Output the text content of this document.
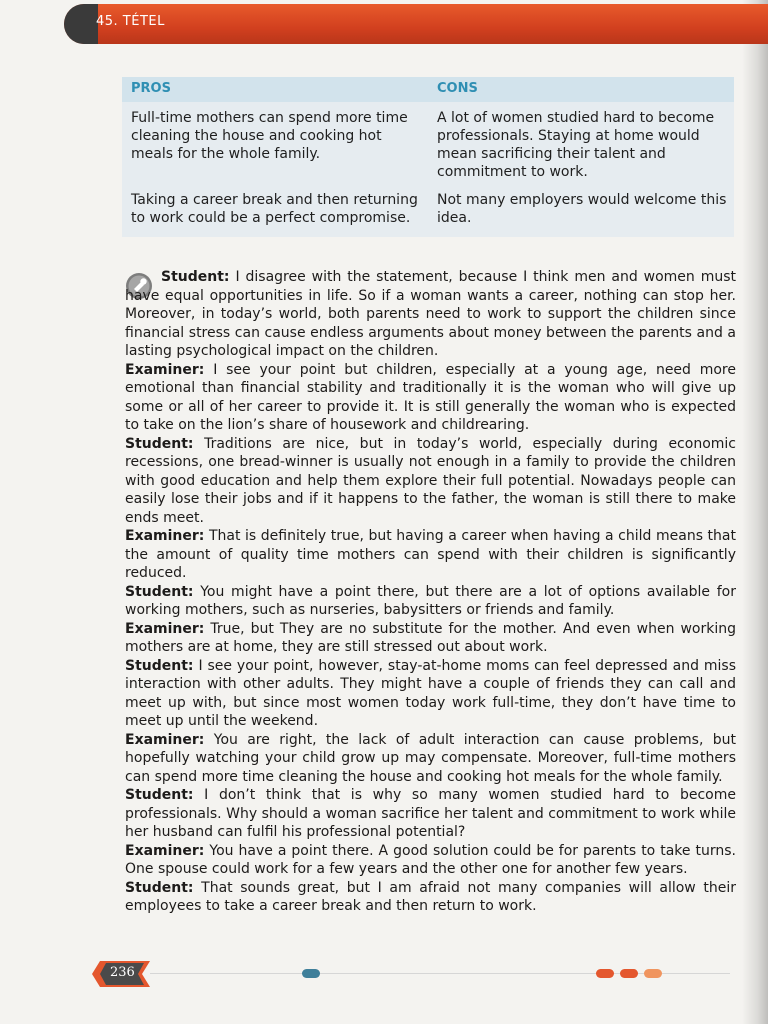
45. TÉTEL
PROS	CONS
Full-time mothers can spend more time cleaning the house and cooking hot meals for the whole family.
A lot of women studied hard to become professionals. Staying at home would mean sacrificing their talent and commitment to work.
Taking a career break and then returning to work could be a perfect compromise.
Not many employers would welcome this idea.

Student: I disagree with the statement, because I think men and women must have equal opportunities in life. So if a woman wants a career, nothing can stop her. Moreover, in today’s world, both parents need to work to support the children since financial stress can cause endless arguments about money between the parents and a lasting psychological impact on the children.

Examiner: I see your point but children, especially at a young age, need more emotional than financial stability and traditionally it is the woman who will give up some or all of her career to provide it. It is still generally the woman who is expected to take on the lion’s share of housework and childrearing.

Student: Traditions are nice, but in today’s world, especially during economic recessions, one bread-winner is usually not enough in a family to provide the children with good education and help them explore their full potential. Nowadays people can easily lose their jobs and if it happens to the father, the woman is still there to make ends meet.

Examiner: That is definitely true, but having a career when having a child means that the amount of quality time mothers can spend with their children is significantly reduced.

Student: You might have a point there, but there are a lot of options available for working mothers, such as nurseries, babysitters or friends and family.

Examiner: True, but They are no substitute for the mother. And even when working mothers are at home, they are still stressed out about work.

Student: I see your point, however, stay-at-home moms can feel depressed and miss interaction with other adults. They might have a couple of friends they can call and meet up with, but since most women today work full-time, they don’t have time to meet up until the weekend.

Examiner: You are right, the lack of adult interaction can cause problems, but hopefully watching your child grow up may compensate. Moreover, full-time mothers can spend more time cleaning the house and cooking hot meals for the whole family.

Student: I don’t think that is why so many women studied hard to become professionals. Why should a woman sacrifice her talent and commitment to work while her husband can fulfil his professional potential?

Examiner: You have a point there. A good solution could be for parents to take turns. One spouse could work for a few years and the other one for another few years.

Student: That sounds great, but I am afraid not many companies will allow their employees to take a career break and then return to work.

236
